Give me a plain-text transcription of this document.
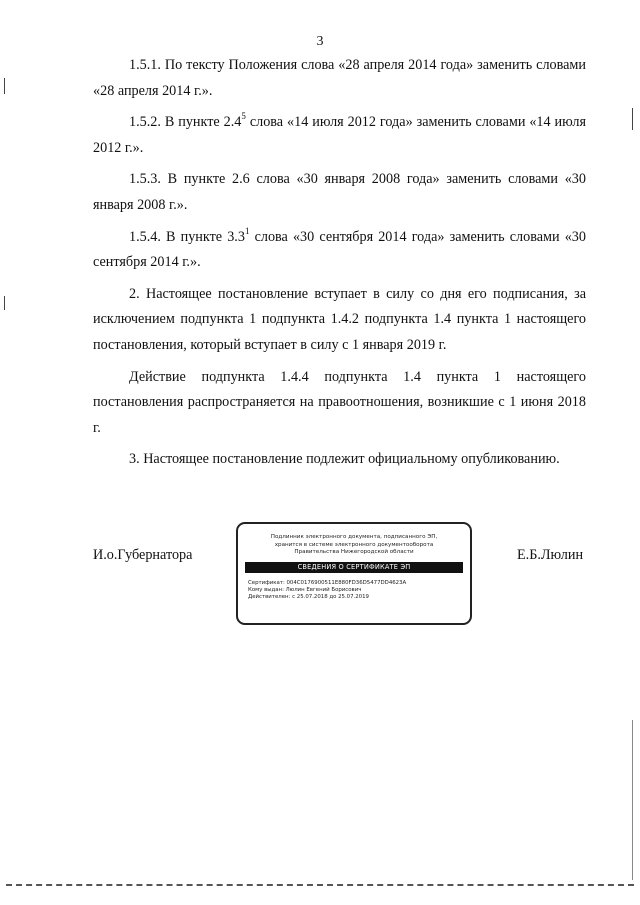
3

1.5.1. По тексту Положения слова «28 апреля 2014 года» заменить словами «28 апреля 2014 г.».

1.5.2. В пункте $2.4^5$ слова «14 июля 2012 года» заменить словами «14 июля 2012 г.».

1.5.3. В пункте 2.6 слова «30 января 2008 года» заменить словами «30 января 2008 г.».

1.5.4. В пункте $3.3^1$ слова «30 сентября 2014 года» заменить словами «30 сентября 2014 г.».

2. Настоящее постановление вступает в силу со дня его подписания, за исключением подпункта 1 подпункта 1.4.2 подпункта 1.4 пункта 1 настоящего постановления, который вступает в силу с 1 января 2019 г.

Действие подпункта 1.4.4 подпункта 1.4 пункта 1 настоящего постановления распространяется на правоотношения, возникшие с 1 июня 2018 г.

3. Настоящее постановление подлежит официальному опубликованию.

И.о.Губернатора	Е.Б.Люлин
Подлинник электронного документа, подписанного ЭП,
хранится в системе электронного документооборота
Правительства Нижегородской области
СВЕДЕНИЯ О СЕРТИФИКАТЕ ЭП
Сертификат: 004C0176900511E880FD36D5477DD4623A
Кому выдан: Люлин Евгений Борисович
Действителен: с 25.07.2018 до 25.07.2019
